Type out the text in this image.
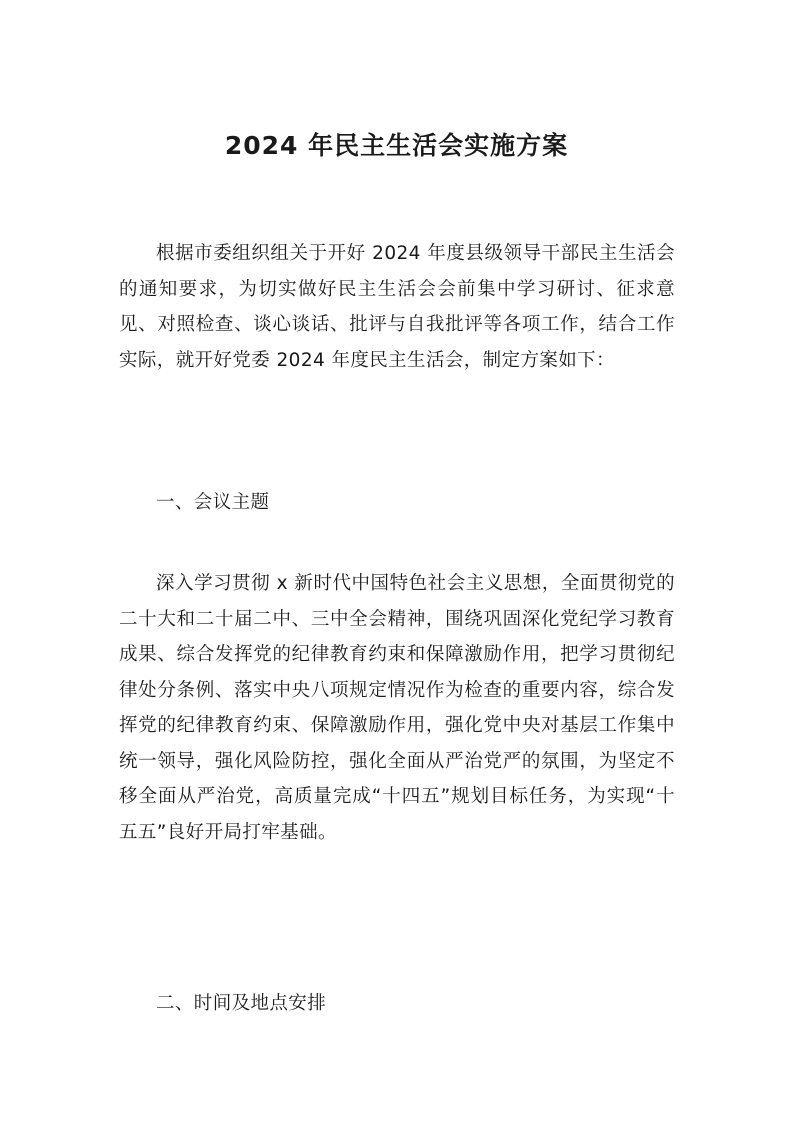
2024 年民主生活会实施方案

根据市委组织组关于开好 2024 年度县级领导干部民主生活会的通知要求，为切实做好民主生活会会前集中学习研讨、征求意见、对照检查、谈心谈话、批评与自我批评等各项工作，结合工作实际，就开好党委 2024 年度民主生活会，制定方案如下：

一、会议主题

深入学习贯彻 x 新时代中国特色社会主义思想，全面贯彻党的二十大和二十届二中、三中全会精神，围绕巩固深化党纪学习教育成果、综合发挥党的纪律教育约束和保障激励作用，把学习贯彻纪律处分条例、落实中央八项规定情况作为检查的重要内容，综合发挥党的纪律教育约束、保障激励作用，强化党中央对基层工作集中统一领导，强化风险防控，强化全面从严治党严的氛围，为坚定不移全面从严治党，高质量完成“十四五”规划目标任务，为实现“十五五”良好开局打牢基础。

二、时间及地点安排
